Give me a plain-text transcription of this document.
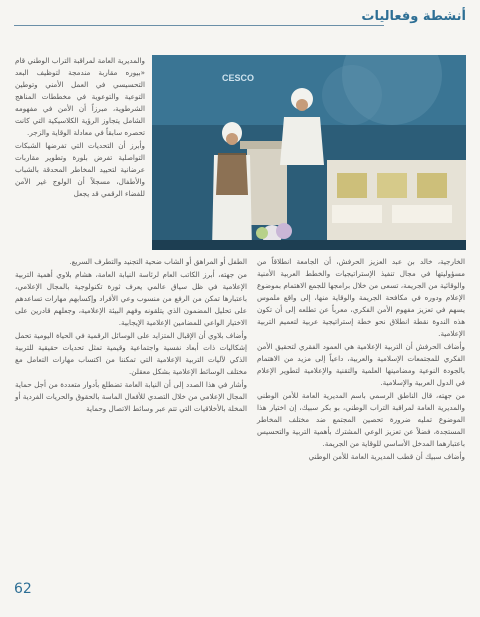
أنشطة وفعاليات
CESCO

والمديرية العامة لمراقبة التراب الوطني قام «بيوره مقاربة مندمجة لتوظيف البعد التحسيسي في العمل الأمني وتوطين التوعية والتوعوية في مخططات المناهج الشرطوية، مبرزاً أن الأمن في مفهومه الشامل يتجاوز الرؤية الكلاسيكية التي كانت تحصره سابقاً في معادلة الوقاية والزجر.

وأبرز أن التحديات التي تفرضها الشبكات التواصلية تفرض بلورة وتطوير مقاربات عرضانية لتحييد المخاطر المحدقة بالشباب والأطفال، مسجلاً أن الولوج غير الآمن للفضاء الرقمي قد يجعل

الخارجية، خالد بن عبد العزيز الحرفش، أن الجامعة انطلاقاً من مسؤوليتها في مجال تنفيذ الإستراتيجيات والخطط العربية الأمنية والوقائية من الجريمة، تسعى من خلال برامجها للجمع الاهتمام بموضوع الإعلام ودوره في مكافحة الجريمة والوقاية منها، إلى واقع ملموس يسهم في تعزيز مفهوم الأمن الفكري، معرباً عن تطلعه إلى أن تكون هذه الندوة نقطة انطلاق نحو خطة إستراتيجية عربية لتعميم التربية الإعلامية.

وأضاف الحرفش أن التربية الإعلامية هي العمود الفقري لتحقيق الأمن الفكري للمجتمعات الإسلامية والعربية، داعياً إلى مزيد من الاهتمام بالجودة النوعية ومضامينها العلمية والتقنية والإعلامية لتطوير الإعلام في الدول العربية والإسلامية.

من جهته، قال الناطق الرسمي باسم المديرية العامة للأمن الوطني والمديرية العامة لمراقبة التراب الوطني، بو بكر سبيك، إن اختيار هذا الموضوع تمليه ضرورة تحصين المجتمع ضد مختلف المخاطر المستجدة، فضلاً عن تعزيز الوعي المشترك بأهمية التربية والتحسيس باعتبارهما المدخل الأساسي للوقاية من الجريمة.

وأضاف سبيك أن قطب المديرية العامة للأمن الوطني

الطفل أو المراهق أو الشاب ضحية التجنيد والتطرف السريع.

من جهته، أبرز الكاتب العام لرئاسة النيابة العامة، هشام بلاوي أهمية التربية الإعلامية في ظل سياق عالمي يعرف ثورة تكنولوجية بالمجال الإعلامي، باعتبارها تمكن من الرفع من منسوب وعي الأفراد وإكسابهم مهارات تساعدهم على تحليل المضمون الذي يتلقونه وفهم البيئة الإعلامية، وجعلهم قادرين على الاختيار الواعي للمضامين الإعلامية الإيجابية.

وأضاف بلاوي أن الإقبال المتزايد على الوسائل الرقمية في الحياة اليومية تحمل إشكاليات ذات أبعاد نفسية واجتماعية وقيمية تمثل تحديات حقيقية للتربية الذكي لآليات التربية الإعلامية التي تمكننا من اكتساب مهارات التعامل مع مختلف الوسائط الإعلامية بشكل معقلن.

وأشار في هذا الصدد إلى أن النيابة العامة تضطلع بأدوار متعددة من أجل حماية المجال الإعلامي من خلال التصدي للأفعال الماسة بالحقوق والحريات الفردية أو المخلة بالأخلاقيات التي تتم عبر وسائط الاتصال وحماية

62
